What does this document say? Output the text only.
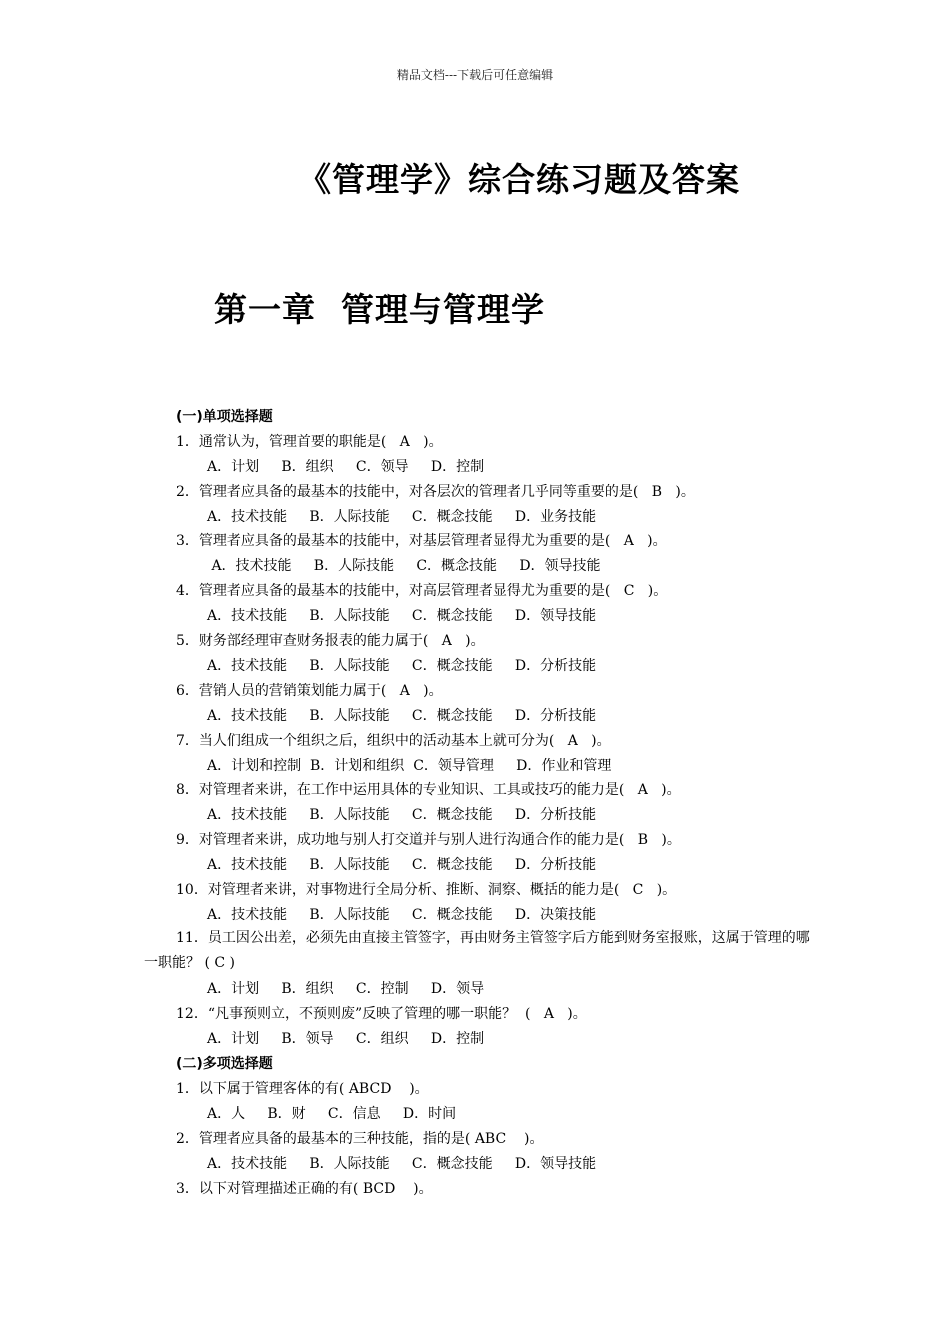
精品文档---下载后可任意编辑
《管理学》综合练习题及答案
第一章  管理与管理学
(一)单项选择题
1．通常认为，管理首要的职能是(   A   )。
A．计划     B．组织     C．领导     D．控制
2．管理者应具备的最基本的技能中，对各层次的管理者几乎同等重要的是(   B   )。
A．技术技能     B．人际技能     C．概念技能     D．业务技能
3．管理者应具备的最基本的技能中，对基层管理者显得尤为重要的是(   A   )。
A．技术技能     B．人际技能     C．概念技能     D．领导技能
4．管理者应具备的最基本的技能中，对高层管理者显得尤为重要的是(   C   )。
A．技术技能     B．人际技能     C．概念技能     D．领导技能
5．财务部经理审查财务报表的能力属于(   A   )。
A．技术技能     B．人际技能     C．概念技能     D．分析技能
6．营销人员的营销策划能力属于(   A   )。
A．技术技能     B．人际技能     C．概念技能     D．分析技能
7．当人们组成一个组织之后，组织中的活动基本上就可分为(   A   )。
A．计划和控制  B．计划和组织  C．领导管理     D．作业和管理
8．对管理者来讲，在工作中运用具体的专业知识、工具或技巧的能力是(   A   )。
A．技术技能     B．人际技能     C．概念技能     D．分析技能
9．对管理者来讲，成功地与别人打交道并与别人进行沟通合作的能力是(   B   )。
A．技术技能     B．人际技能     C．概念技能     D．分析技能
10．对管理者来讲，对事物进行全局分析、推断、洞察、概括的能力是(   C   )。
A．技术技能     B．人际技能     C．概念技能     D．决策技能
11．员工因公出差，必须先由直接主管签字，再由财务主管签字后方能到财务室报账，这属于管理的哪一职能？ ( C )
A．计划     B．组织     C．控制     D．领导
12．“凡事预则立，不预则废”反映了管理的哪一职能？  (   A   )。
A．计划     B．领导     C．组织     D．控制
(二)多项选择题
1．以下属于管理客体的有( ABCD    )。
A．人     B．财     C．信息     D．时间
2．管理者应具备的最基本的三种技能，指的是( ABC    )。
A．技术技能     B．人际技能     C．概念技能     D．领导技能
3．以下对管理描述正确的有( BCD    )。
